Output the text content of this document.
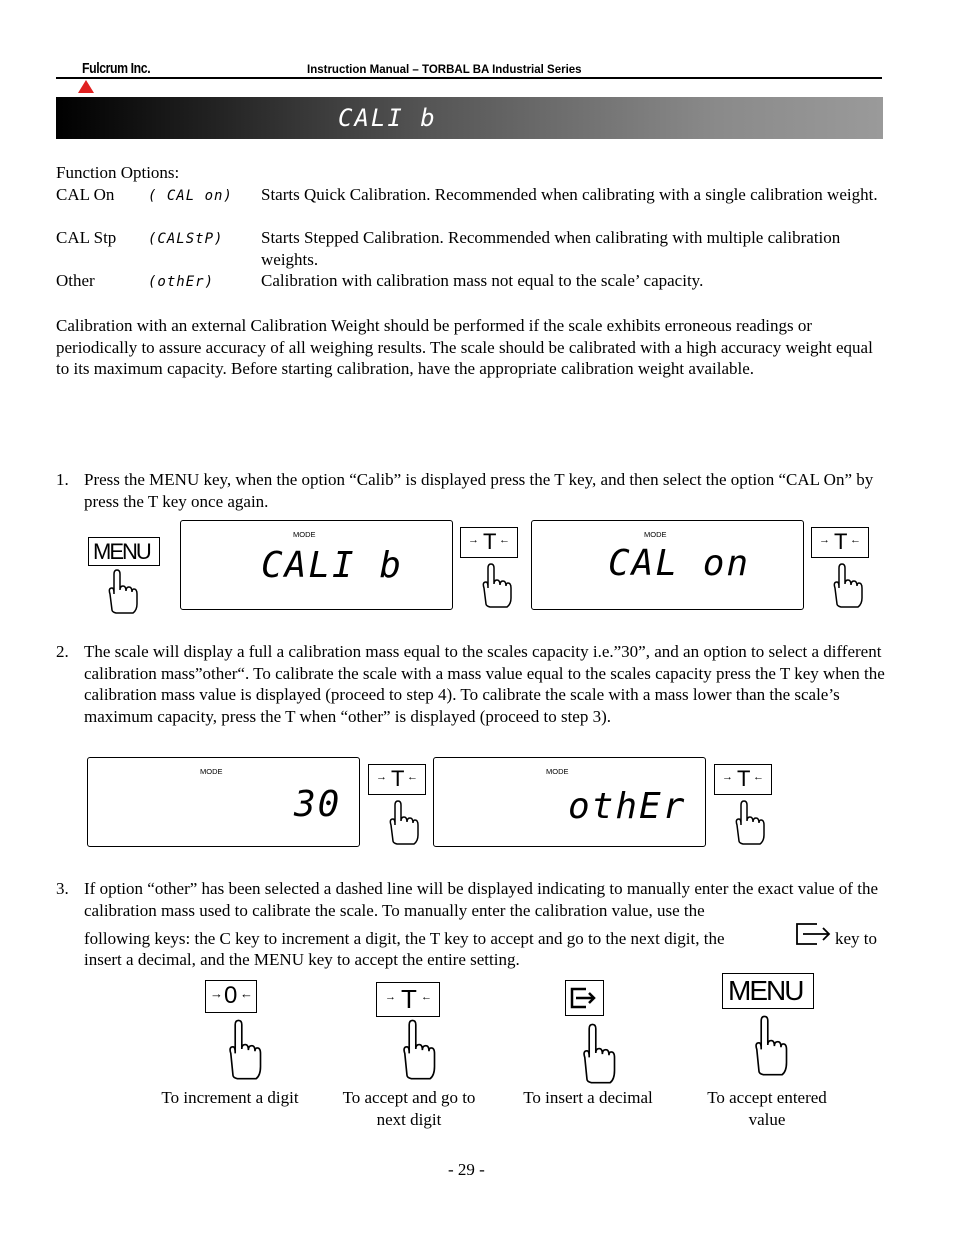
Fulcrum Inc.	Instruction Manual – TORBAL BA Industrial Series
CALI b
Function Options:
CAL On ( CAL on) Starts Quick Calibration. Recommended when calibrating with a single calibration weight.
CAL Stp (CALStP) Starts Stepped Calibration. Recommended when calibrating with multiple calibration weights.
Other	(othEr)	Calibration with calibration mass not equal to the scale’ capacity.
Calibration with an external Calibration Weight should be performed if the scale exhibits erroneous readings or periodically to assure accuracy of all weighing results. The scale should be calibrated with a high accuracy weight equal to its maximum capacity. Before starting calibration, have the appropriate calibration weight available.
1. Press the MENU key, when the option “Calib” is displayed press the T key, and then select the option “CAL On” by press the T key once again.
MENU
MODE
CALI b
→ T ←	MODE
CAL on
→ T ←
2. The scale will display a full a calibration mass equal to the scales capacity i.e.”30”, and an option to select a different calibration mass”other“. To calibrate the scale with a mass value equal to the scales capacity press the T key when the calibration mass value is displayed (proceed to step 4). To calibrate the scale with a mass lower than the scale’s maximum capacity, press the T when “other” is displayed (proceed to step 3).
MODE
30
→ T ←	MODE
othEr
→ T ←
3. If option “other” has been selected a dashed line will be displayed indicating to manually enter the exact value of the calibration mass used to calibrate the scale. To manually enter the calibration value, use the
following keys: the C key to increment a digit, the T key to accept and go to the next digit, the	key to
insert a decimal, and the MENU key to accept the entire setting.
→ 0 ←	→ T ←	MENU
To increment a digit	To accept and go to next digit
To insert a decimal	To accept entered value
- 29 -
